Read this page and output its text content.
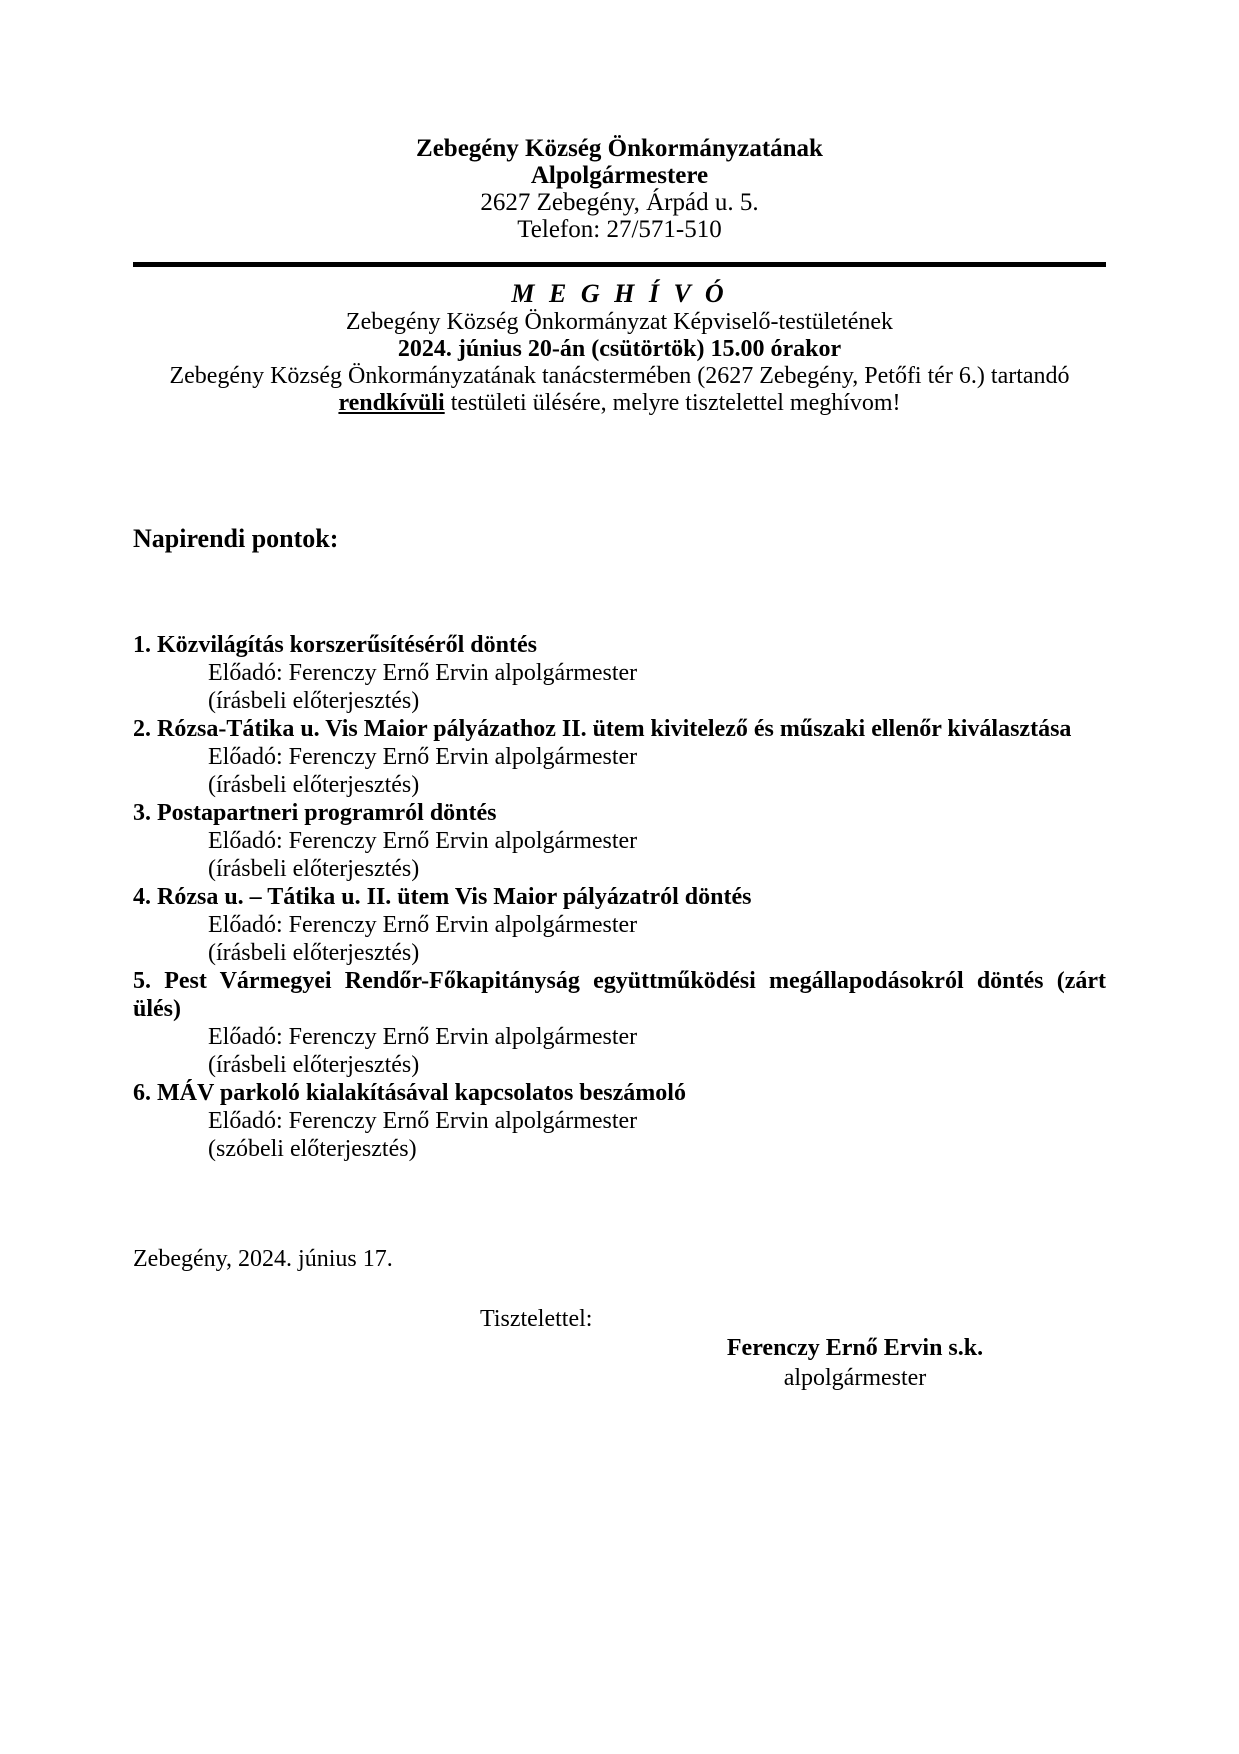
Zebegény Község Önkormányzatának
Alpolgármestere
2627 Zebegény, Árpád u. 5.
Telefon: 27/571-510
M E G H Í V Ó
Zebegény Község Önkormányzat Képviselő-testületének
2024. június 20-án (csütörtök) 15.00 órakor
Zebegény Község Önkormányzatának tanácstermében (2627 Zebegény, Petőfi tér 6.) tartandó
rendkívüli testületi ülésére, melyre tisztelettel meghívom!
Napirendi pontok:
1. Közvilágítás korszerűsítéséről döntés
Előadó: Ferenczy Ernő Ervin alpolgármester
(írásbeli előterjesztés)
2. Rózsa-Tátika u. Vis Maior pályázathoz II. ütem kivitelező és műszaki ellenőr kiválasztása
Előadó: Ferenczy Ernő Ervin alpolgármester
(írásbeli előterjesztés)
3. Postapartneri programról döntés
Előadó: Ferenczy Ernő Ervin alpolgármester
(írásbeli előterjesztés)
4. Rózsa u. – Tátika u. II. ütem Vis Maior pályázatról döntés
Előadó: Ferenczy Ernő Ervin alpolgármester
(írásbeli előterjesztés)
5. Pest Vármegyei Rendőr-Főkapitányság együttműködési megállapodásokról döntés (zárt ülés)
Előadó: Ferenczy Ernő Ervin alpolgármester
(írásbeli előterjesztés)
6. MÁV parkoló kialakításával kapcsolatos beszámoló
Előadó: Ferenczy Ernő Ervin alpolgármester
(szóbeli előterjesztés)
Zebegény, 2024. június 17.
Tisztelettel:
Ferenczy Ernő Ervin s.k.
alpolgármester
